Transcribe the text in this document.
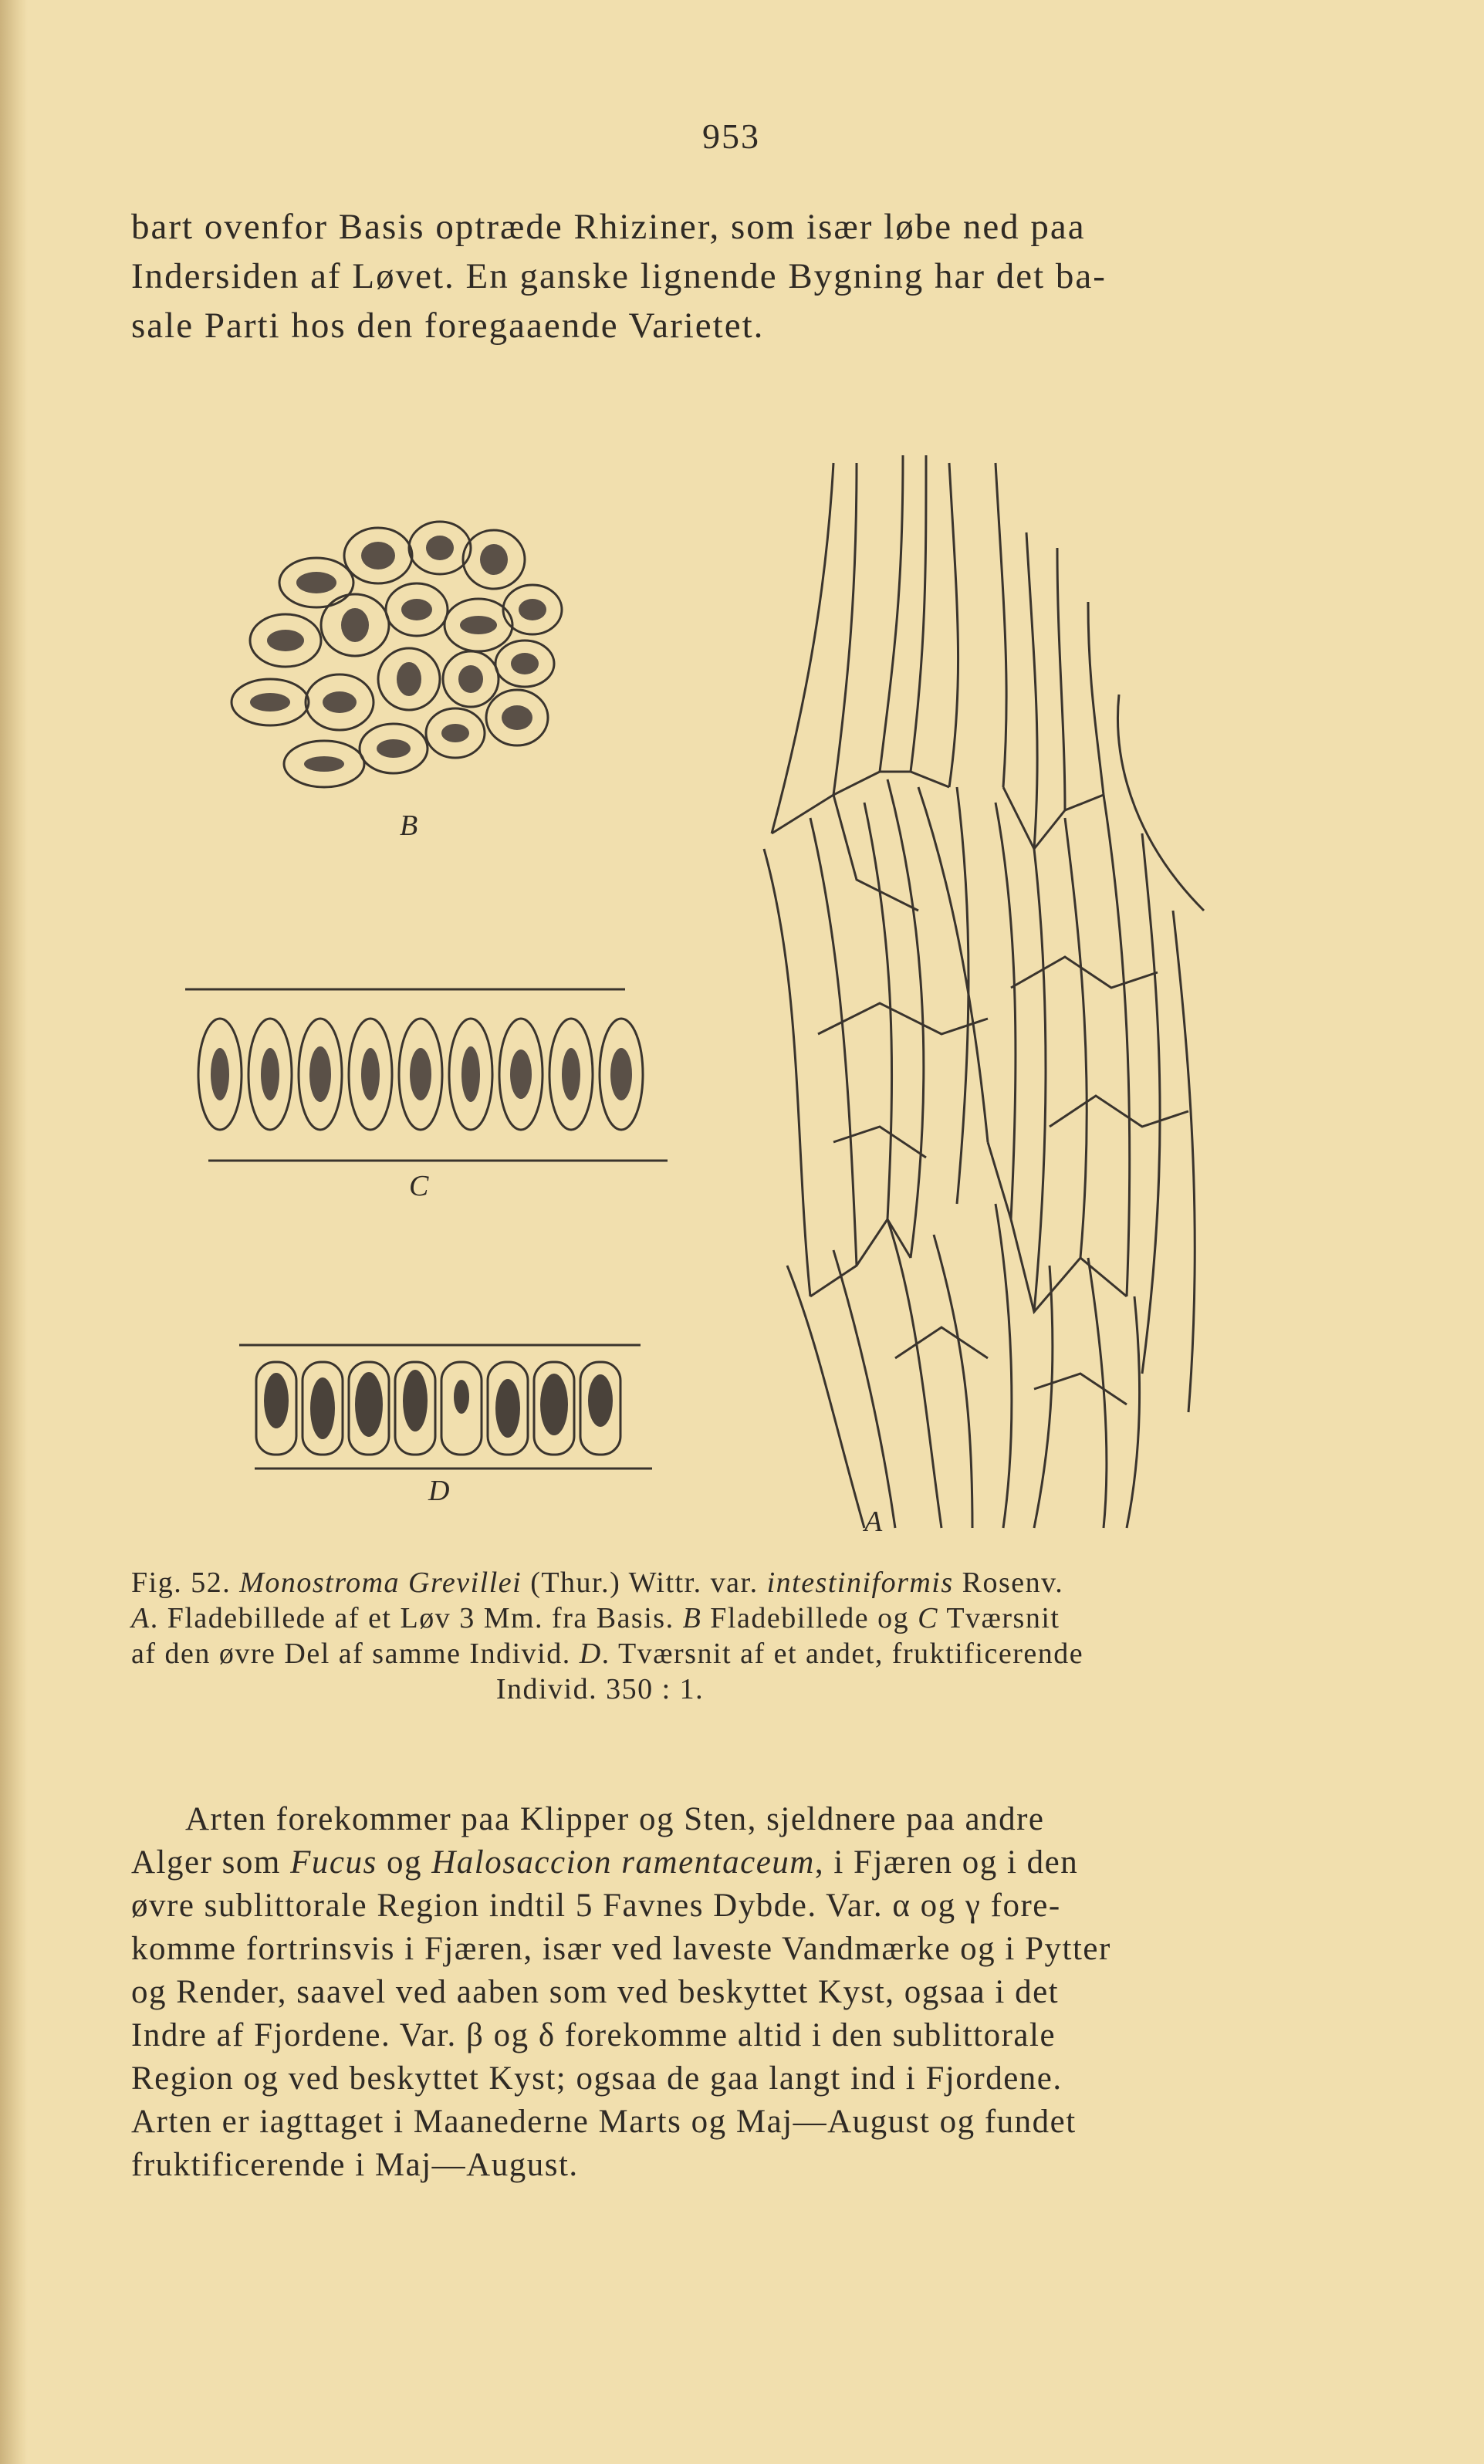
953

bart ovenfor Basis optræde Rhiziner, som især løbe ned paa
Indersiden af Løvet. En ganske lignende Bygning har det ba-
sale Parti hos den foregaaende Varietet.

B
C
D
A
Fig. 52. Monostroma Grevillei (Thur.) Wittr. var. intestiniformis Rosenv.
A. Fladebillede af et Løv 3 Mm. fra Basis. B Fladebillede og C Tværsnit
af den øvre Del af samme Individ. D. Tværsnit af et andet, fruktificerende
Individ. 350 : 1.

Arten forekommer paa Klipper og Sten, sjeldnere paa andre
Alger som Fucus og Halosaccion ramentaceum, i Fjæren og i den
øvre sublittorale Region indtil 5 Favnes Dybde. Var. α og γ fore-
komme fortrinsvis i Fjæren, især ved laveste Vandmærke og i Pytter
og Render, saavel ved aaben som ved beskyttet Kyst, ogsaa i det
Indre af Fjordene. Var. β og δ forekomme altid i den sublittorale
Region og ved beskyttet Kyst; ogsaa de gaa langt ind i Fjordene.
Arten er iagttaget i Maanederne Marts og Maj—August og fundet
fruktificerende i Maj—August.
